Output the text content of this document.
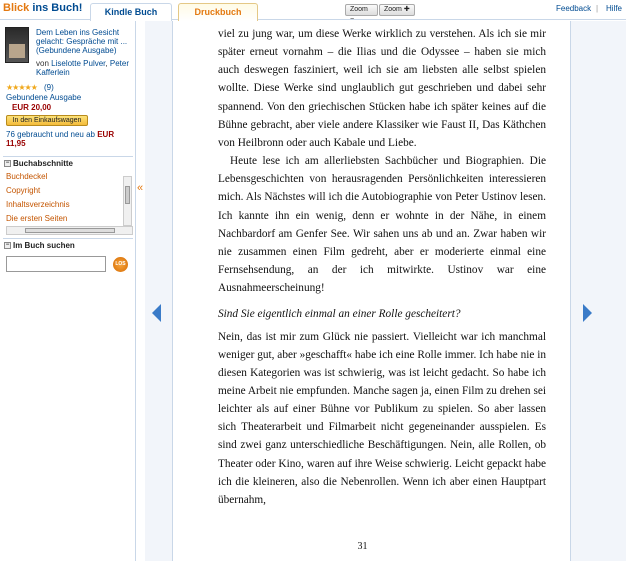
Blick ins Buch!	Kindle Buch	Druckbuch	Zoom −
Zoom ✚	Feedback | Hilfe
Dem Leben ins Gesicht gelacht: Gespräche mit ... (Gebundene Ausgabe)
von Liselotte Pulver, Peter Kafferlein
★★★★★ (9)
Gebundene Ausgabe
EUR 20,00
In den Einkaufswagen
76 gebraucht und neu ab EUR 11,95
− Buchabschnitte
Buchdeckel
Copyright
Inhaltsverzeichnis
Die ersten Seiten
− Im Buch suchen
LOS
«

viel zu jung war, um diese Werke wirklich zu verstehen. Als ich sie mir später erneut vornahm – die Ilias und die Odyssee – haben sie mich auch deswegen fasziniert, weil ich sie am liebsten alle selbst spielen wollte. Diese Werke sind unglaublich gut geschrieben und dabei sehr spannend. Von den griechischen Stücken habe ich später keines auf die Bühne gebracht, aber viele andere Klassiker wie Faust II, Das Käthchen von Heilbronn oder auch Kabale und Liebe.

Heute lese ich am allerliebsten Sachbücher und Biographien. Die Lebensgeschichten von herausragenden Persönlichkeiten interessieren mich. Als Nächstes will ich die Autobiographie von Peter Ustinov lesen. Ich kannte ihn ein wenig, denn er wohnte in der Nähe, in einem Nachbardorf am Genfer See. Wir sahen uns ab und an. Zwar haben wir nie zusammen einen Film gedreht, aber er moderierte einmal eine Fernsehsendung, an der ich mitwirkte. Ustinov war eine Ausnahmeerscheinung!

Sind Sie eigentlich einmal an einer Rolle gescheitert?

Nein, das ist mir zum Glück nie passiert. Vielleicht war ich manchmal weniger gut, aber »geschafft« habe ich eine Rolle immer. Ich habe nie in diesen Kategorien was ist schwierig, was ist leicht gedacht. So habe ich meine Arbeit nie empfunden. Manche sagen ja, einen Film zu drehen sei leichter als auf einer Bühne vor Publikum zu spielen. So aber lassen sich Theaterarbeit und Filmarbeit nicht gegeneinander ausspielen. Es sind zwei ganz unterschiedliche Beschäftigungen. Nein, alle Rollen, ob Theater oder Kino, waren auf ihre Weise schwierig. Leicht gepackt habe ich die kleineren, also die Nebenrollen. Wenn ich aber einen Hauptpart übernahm,

31
